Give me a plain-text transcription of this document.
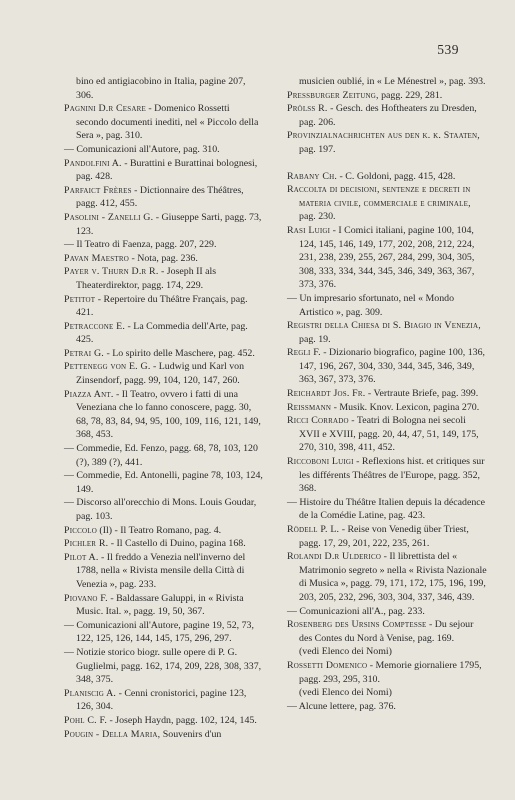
539

bino ed antigiacobino in Italia, pagine 207, 306.

Pagnini D.r Cesare - Domenico Rossetti secondo documenti inediti, nel « Piccolo della Sera », pag. 310.

— Comunicazioni all'Autore, pag. 310.

Pandolfini A. - Burattini e Burattinai bolognesi, pag. 428.

Parfaict Frères - Dictionnaire des Théâtres, pagg. 412, 455.

Pasolini - Zanelli G. - Giuseppe Sarti, pagg. 73, 123.

— Il Teatro di Faenza, pagg. 207, 229.

Pavan Maestro - Nota, pag. 236.

Payer v. Thurn D.r R. - Joseph II als Theaterdirektor, pagg. 174, 229.

Petitot - Repertoire du Théâtre Français, pag. 421.

Petraccone E. - La Commedia dell'Arte, pag. 425.

Petrai G. - Lo spirito delle Maschere, pag. 452.

Pettenegg von E. G. - Ludwig und Karl von Zinsendorf, pagg. 99, 104, 120, 147, 260.

Piazza Ant. - Il Teatro, ovvero i fatti di una Veneziana che lo fanno conoscere, pagg. 30, 68, 78, 83, 84, 94, 95, 100, 109, 116, 121, 149, 368, 453.

— Commedie, Ed. Fenzo, pagg. 68, 78, 103, 120 (?), 389 (?), 441.

— Commedie, Ed. Antonelli, pagine 78, 103, 124, 149.

— Discorso all'orecchio di Mons. Louis Goudar, pag. 103.

Piccolo (Il) - Il Teatro Romano, pag. 4.

Pichler R. - Il Castello di Duino, pagina 168.

Pilot A. - Il freddo a Venezia nell'inverno del 1788, nella « Rivista mensile della Città di Venezia », pag. 233.

Piovano F. - Baldassare Galuppi, in « Rivista Music. Ital. », pagg. 19, 50, 367.

— Comunicazioni all'Autore, pagine 19, 52, 73, 122, 125, 126, 144, 145, 175, 296, 297.

— Notizie storico biogr. sulle opere di P. G. Guglielmi, pagg. 162, 174, 209, 228, 308, 337, 348, 375.

Planiscig A. - Cenni cronistorici, pagine 123, 126, 304.

Pohl C. F. - Joseph Haydn, pagg. 102, 124, 145.

Pougin - Della Maria, Souvenirs d'un

musicien oublié, in « Le Ménestrel », pag. 393.

Pressburger Zeitung, pagg. 229, 281.

Prölss R. - Gesch. des Hoftheaters zu Dresden, pag. 206.

Provinzialnachrichten aus den k. k. Staaten, pag. 197.

Rabany Ch. - C. Goldoni, pagg. 415, 428.

Raccolta di decisioni, sentenze e decreti in materia civile, commerciale e criminale, pag. 230.

Rasi Luigi - I Comici italiani, pagine 100, 104, 124, 145, 146, 149, 177, 202, 208, 212, 224, 231, 238, 239, 255, 267, 284, 299, 304, 305, 308, 333, 334, 344, 345, 346, 349, 363, 367, 373, 376.

— Un impresario sfortunato, nel « Mondo Artistico », pag. 309.

Registri della Chiesa di S. Biagio in Venezia, pag. 19.

Regli F. - Dizionario biografico, pagine 100, 136, 147, 196, 267, 304, 330, 344, 345, 346, 349, 363, 367, 373, 376.

Reichardt Jos. Fr. - Vertraute Briefe, pag. 399.

Reissmann - Musik. Knov. Lexicon, pagina 270.

Ricci Corrado - Teatri di Bologna nei secoli XVII e XVIII, pagg. 20, 44, 47, 51, 149, 175, 270, 310, 398, 411, 452.

Riccoboni Luigi - Reflexions hist. et critiques sur les différents Théâtres de l'Europe, pagg. 352, 368.

— Histoire du Théâtre Italien depuis la décadence de la Comédie Latine, pag. 423.

Rödell P. L. - Reise von Venedig über Triest, pagg. 17, 29, 201, 222, 235, 261.

Rolandi D.r Ulderico - Il librettista del « Matrimonio segreto » nella « Rivista Nazionale di Musica », pagg. 79, 171, 172, 175, 196, 199, 203, 205, 232, 296, 303, 304, 337, 346, 439.

— Comunicazioni all'A., pag. 233.

Rosenberg des Ursins Comptesse - Du sejour des Contes du Nord à Venise, pag. 169.

(vedi Elenco dei Nomi)

Rossetti Domenico - Memorie giornaliere 1795, pagg. 293, 295, 310.

(vedi Elenco dei Nomi)

— Alcune lettere, pag. 376.
